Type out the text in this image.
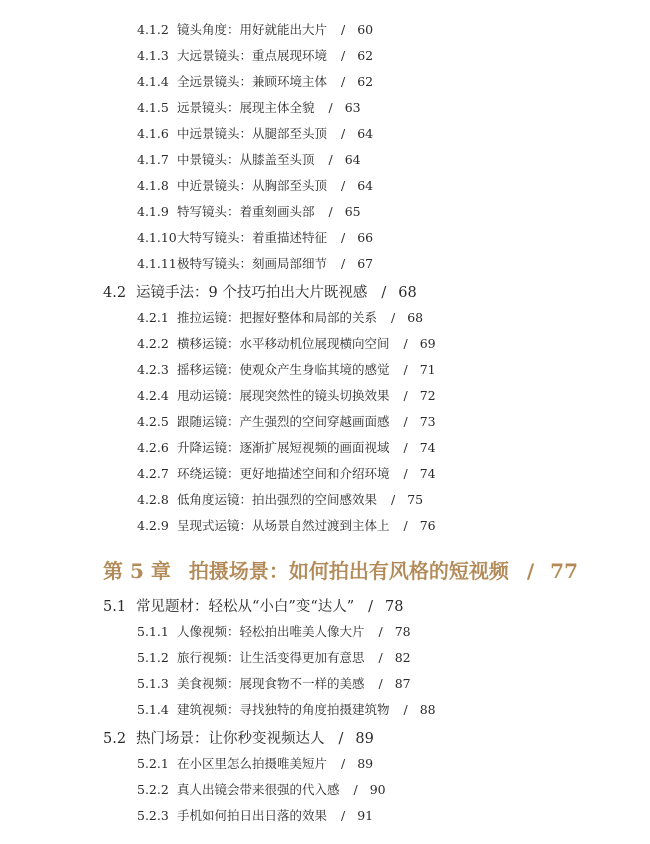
4.1.2 镜头角度：用好就能出大片 / 60
4.1.3 大远景镜头：重点展现环境 / 62
4.1.4 全远景镜头：兼顾环境主体 / 62
4.1.5 远景镜头：展现主体全貌 / 63
4.1.6 中远景镜头：从腿部至头顶 / 64
4.1.7 中景镜头：从膝盖至头顶 / 64
4.1.8 中近景镜头：从胸部至头顶 / 64
4.1.9 特写镜头：着重刻画头部 / 65
4.1.10大特写镜头：着重描述特征 / 66
4.1.11极特写镜头：刻画局部细节 / 67
4.2 运镜手法：9 个技巧拍出大片既视感 / 68
4.2.1 推拉运镜：把握好整体和局部的关系 / 68
4.2.2 横移运镜：水平移动机位展现横向空间 / 69
4.2.3 摇移运镜：使观众产生身临其境的感觉 / 71
4.2.4 甩动运镜：展现突然性的镜头切换效果 / 72
4.2.5 跟随运镜：产生强烈的空间穿越画面感 / 73
4.2.6 升降运镜：逐渐扩展短视频的画面视域 / 74
4.2.7 环绕运镜：更好地描述空间和介绍环境 / 74
4.2.8 低角度运镜：拍出强烈的空间感效果 / 75
4.2.9 呈现式运镜：从场景自然过渡到主体上 / 76
第 5 章 拍摄场景：如何拍出有风格的短视频 / 77
5.1 常见题材：轻松从“小白”变“达人” / 78
5.1.1 人像视频：轻松拍出唯美人像大片 / 78
5.1.2 旅行视频：让生活变得更加有意思 / 82
5.1.3 美食视频：展现食物不一样的美感 / 87
5.1.4 建筑视频：寻找独特的角度拍摄建筑物 / 88
5.2 热门场景：让你秒变视频达人 / 89
5.2.1 在小区里怎么拍摄唯美短片 / 89
5.2.2 真人出镜会带来很强的代入感 / 90
5.2.3 手机如何拍日出日落的效果 / 91
